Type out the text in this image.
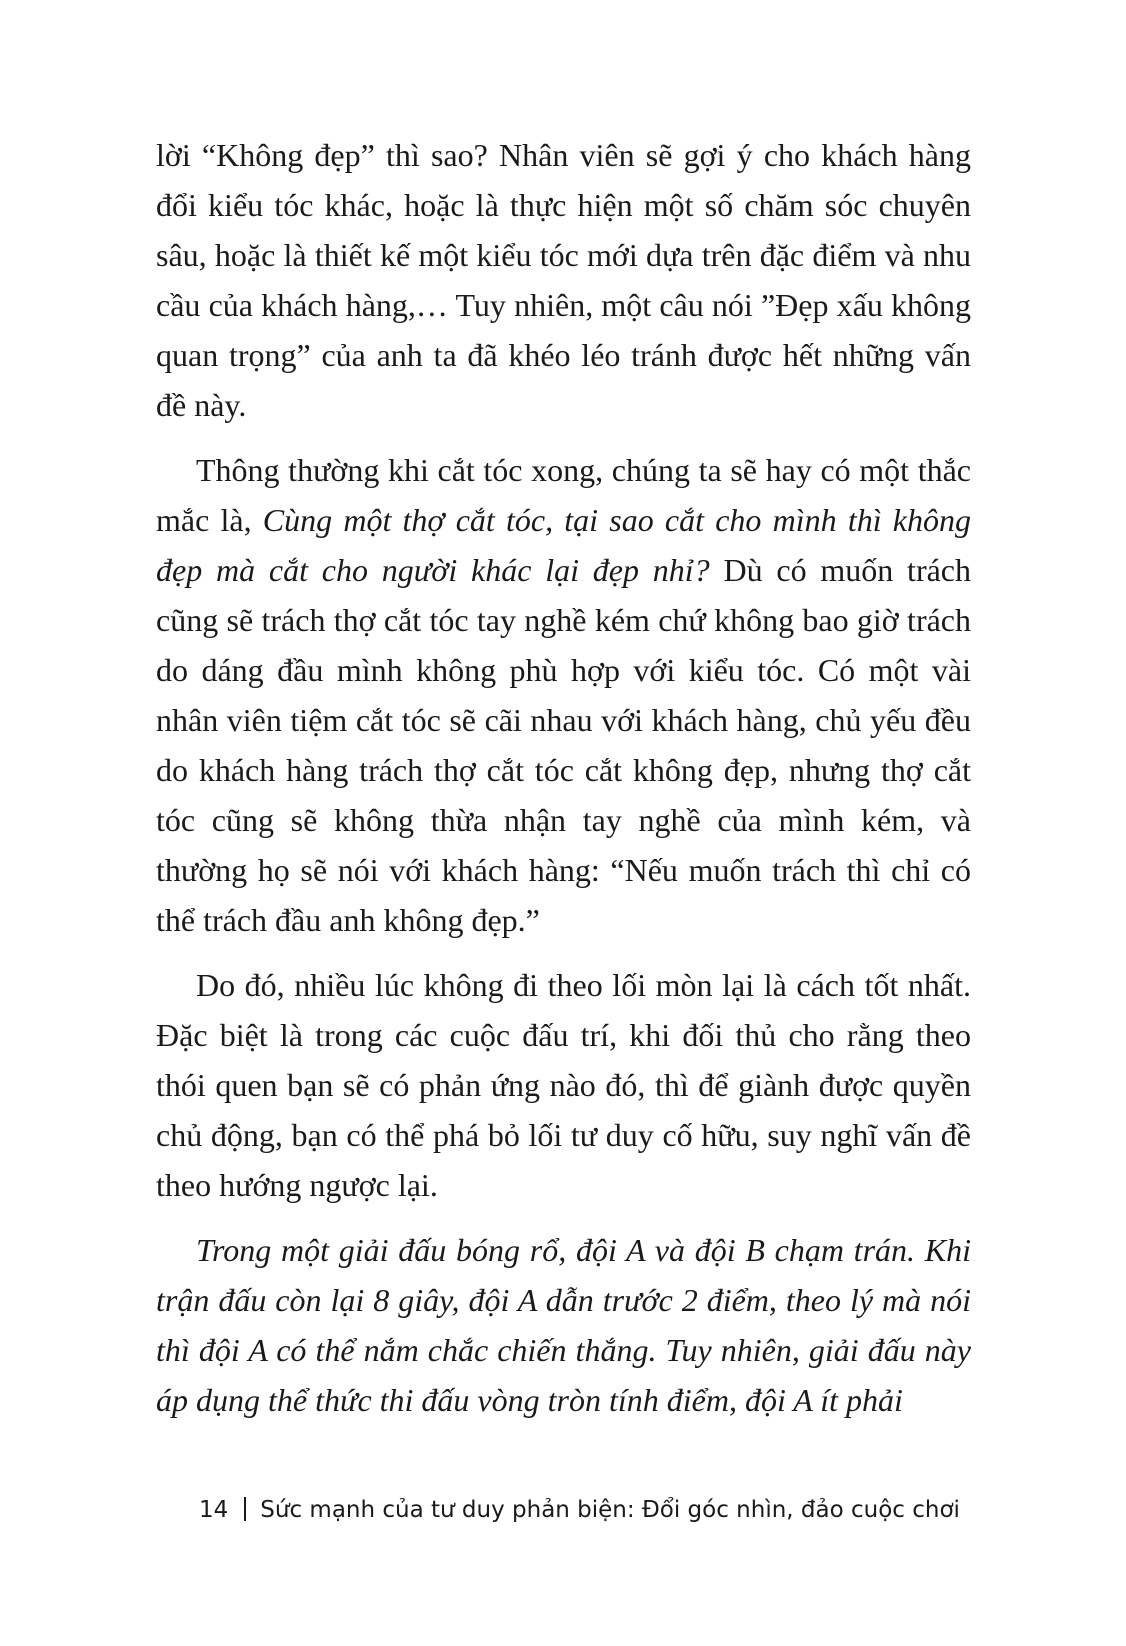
lời “Không đẹp” thì sao? Nhân viên sẽ gợi ý cho khách hàng đổi kiểu tóc khác, hoặc là thực hiện một số chăm sóc chuyên sâu, hoặc là thiết kế một kiểu tóc mới dựa trên đặc điểm và nhu cầu của khách hàng,… Tuy nhiên, một câu nói ”Đẹp xấu không quan trọng” của anh ta đã khéo léo tránh được hết những vấn đề này.

Thông thường khi cắt tóc xong, chúng ta sẽ hay có một thắc mắc là, Cùng một thợ cắt tóc, tại sao cắt cho mình thì không đẹp mà cắt cho người khác lại đẹp nhỉ? Dù có muốn trách cũng sẽ trách thợ cắt tóc tay nghề kém chứ không bao giờ trách do dáng đầu mình không phù hợp với kiểu tóc. Có một vài nhân viên tiệm cắt tóc sẽ cãi nhau với khách hàng, chủ yếu đều do khách hàng trách thợ cắt tóc cắt không đẹp, nhưng thợ cắt tóc cũng sẽ không thừa nhận tay nghề của mình kém, và thường họ sẽ nói với khách hàng: “Nếu muốn trách thì chỉ có thể trách đầu anh không đẹp.”

Do đó, nhiều lúc không đi theo lối mòn lại là cách tốt nhất. Đặc biệt là trong các cuộc đấu trí, khi đối thủ cho rằng theo thói quen bạn sẽ có phản ứng nào đó, thì để giành được quyền chủ động, bạn có thể phá bỏ lối tư duy cố hữu, suy nghĩ vấn đề theo hướng ngược lại.

Trong một giải đấu bóng rổ, đội A và đội B chạm trán. Khi trận đấu còn lại 8 giây, đội A dẫn trước 2 điểm, theo lý mà nói thì đội A có thể nắm chắc chiến thắng. Tuy nhiên, giải đấu này áp dụng thể thức thi đấu vòng tròn tính điểm, đội A ít phải

14 Sức mạnh của tư duy phản biện: Đổi góc nhìn, đảo cuộc chơi
